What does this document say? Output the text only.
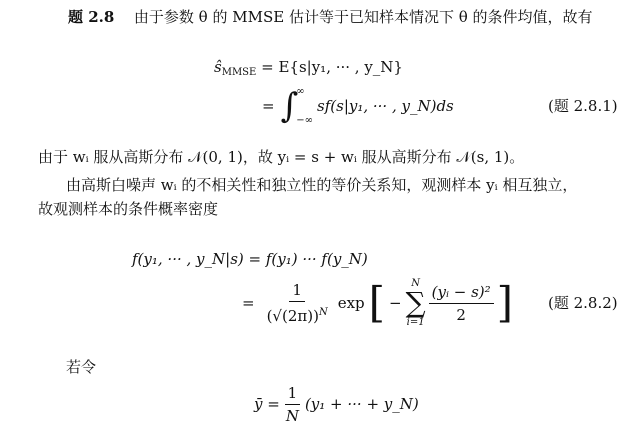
题 2.8 由于参数 θ 的 MMSE 估计等于已知样本情况下 θ 的条件均值，故有
$ŝ_{MMSE} = E\{s|y_1$, ··· , y_N}
= ∫
∞
−∞
sf(s|y₁, ··· , y_N)ds	(题 2.8.1)
由于 wᵢ 服从高斯分布 𝒩(0, 1)，故 yᵢ = s + wᵢ 服从高斯分布 𝒩(s, 1)。
由高斯白噪声 wᵢ 的不相关性和独立性的等价关系知，观测样本 yᵢ 相互独立，
故观测样本的条件概率密度
f(y₁, ··· , y_N|s) = f(y₁) ··· f(y_N)
= $\frac{1}{(√(2\pi))^N}$ exp [ −
N
∑
$i=1 \frac{\text{(yᵢ − s)²}}{2}$ ] (题 2.8.2)
若令
ȳ = $\frac{1}{N} (y_1$ + ··· + y_N)
